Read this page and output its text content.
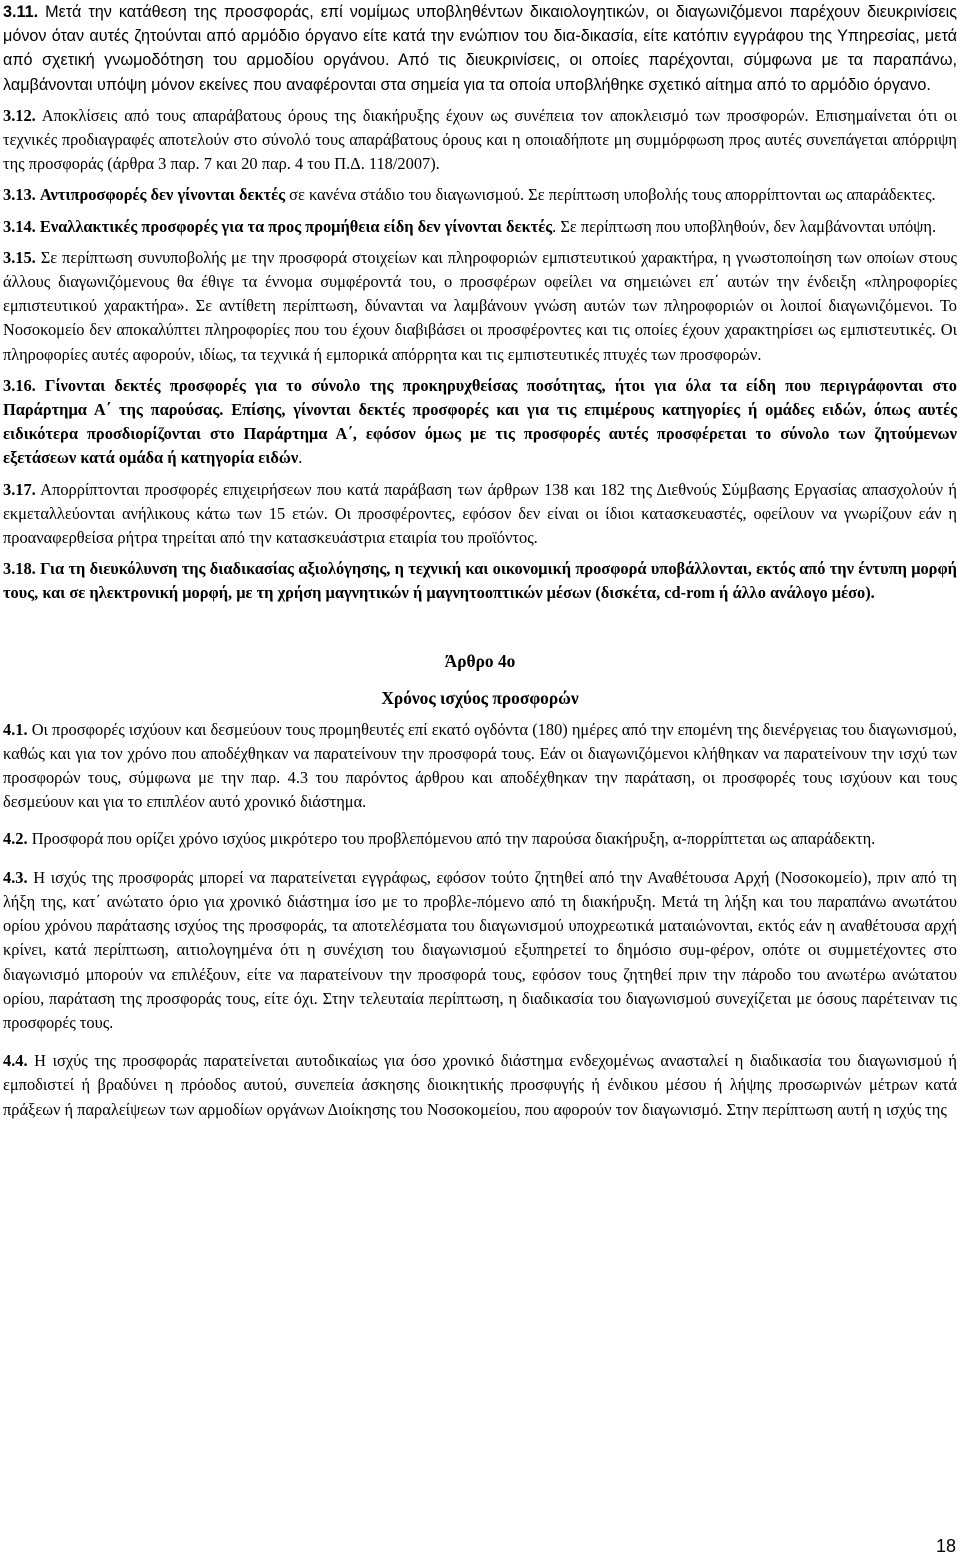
3.11. Μετά την κατάθεση της προσφοράς, επί νομίμως υποβληθέντων δικαιολογητικών, οι διαγωνιζόμενοι παρέχουν διευκρινίσεις μόνον όταν αυτές ζητούνται από αρμόδιο όργανο είτε κατά την ενώπιον του δια-δικασία, είτε κατόπιν εγγράφου της Υπηρεσίας, μετά από σχετική γνωμοδότηση του αρμοδίου οργάνου. Από τις διευκρινίσεις, οι οποίες παρέχονται, σύμφωνα με τα παραπάνω, λαμβάνονται υπόψη μόνον εκείνες που αναφέρονται στα σημεία για τα οποία υποβλήθηκε σχετικό αίτημα από το αρμόδιο όργανο.

3.12. Αποκλίσεις από τους απαράβατους όρους της διακήρυξης έχουν ως συνέπεια τον αποκλεισμό των προσφορών. Επισημαίνεται ότι οι τεχνικές προδιαγραφές αποτελούν στο σύνολό τους απαράβατους όρους και η οποιαδήποτε μη συμμόρφωση προς αυτές συνεπάγεται απόρριψη της προσφοράς (άρθρα 3 παρ. 7 και 20 παρ. 4 του Π.Δ. 118/2007).

3.13. Αντιπροσφορές δεν γίνονται δεκτές σε κανένα στάδιο του διαγωνισμού. Σε περίπτωση υποβολής τους απορρίπτονται ως απαράδεκτες.

3.14. Εναλλακτικές προσφορές για τα προς προμήθεια είδη δεν γίνονται δεκτές. Σε περίπτωση που υποβληθούν, δεν λαμβάνονται υπόψη.

3.15. Σε περίπτωση συνυποβολής με την προσφορά στοιχείων και πληροφοριών εμπιστευτικού χαρακτήρα, η γνωστοποίηση των οποίων στους άλλους διαγωνιζόμενους θα έθιγε τα έννομα συμφέροντά του, ο προσφέρων οφείλει να σημειώνει επ΄ αυτών την ένδειξη «πληροφορίες εμπιστευτικού χαρακτήρα». Σε αντίθετη περίπτωση, δύνανται να λαμβάνουν γνώση αυτών των πληροφοριών οι λοιποί διαγωνιζόμενοι. Το Νοσοκομείο δεν αποκαλύπτει πληροφορίες που του έχουν διαβιβάσει οι προσφέροντες και τις οποίες έχουν χαρακτηρίσει ως εμπιστευτικές. Οι πληροφορίες αυτές αφορούν, ιδίως, τα τεχνικά ή εμπορικά απόρρητα και τις εμπιστευτικές πτυχές των προσφορών.

3.16. Γίνονται δεκτές προσφορές για το σύνολο της προκηρυχθείσας ποσότητας, ήτοι για όλα τα είδη που περιγράφονται στο Παράρτημα Α΄ της παρούσας. Επίσης, γίνονται δεκτές προσφορές και για τις επιμέρους κατηγορίες ή ομάδες ειδών, όπως αυτές ειδικότερα προσδιορίζονται στο Παράρτημα Α΄, εφόσον όμως με τις προσφορές αυτές προσφέρεται το σύνολο των ζητούμενων εξετάσεων κατά ομάδα ή κατηγορία ειδών.

3.17. Απορρίπτονται προσφορές επιχειρήσεων που κατά παράβαση των άρθρων 138 και 182 της Διεθνούς Σύμβασης Εργασίας απασχολούν ή εκμεταλλεύονται ανήλικους κάτω των 15 ετών. Οι προσφέροντες, εφόσον δεν είναι οι ίδιοι κατασκευαστές, οφείλουν να γνωρίζουν εάν η προαναφερθείσα ρήτρα τηρείται από την κατασκευάστρια εταιρία του προϊόντος.

3.18. Για τη διευκόλυνση της διαδικασίας αξιολόγησης, η τεχνική και οικονομική προσφορά υποβάλλονται, εκτός από την έντυπη μορφή τους, και σε ηλεκτρονική μορφή, με τη χρήση μαγνητικών ή μαγνητοοπτικών μέσων (δισκέτα, cd-rom ή άλλο ανάλογο μέσο).

Άρθρο 4ο
Χρόνος ισχύος προσφορών

4.1. Οι προσφορές ισχύουν και δεσμεύουν τους προμηθευτές επί εκατό ογδόντα (180) ημέρες από την επομένη της διενέργειας του διαγωνισμού, καθώς και για τον χρόνο που αποδέχθηκαν να παρατείνουν την προσφορά τους. Εάν οι διαγωνιζόμενοι κλήθηκαν να παρατείνουν την ισχύ των προσφορών τους, σύμφωνα με την παρ. 4.3 του παρόντος άρθρου και αποδέχθηκαν την παράταση, οι προσφορές τους ισχύουν και τους δεσμεύουν και για το επιπλέον αυτό χρονικό διάστημα.

4.2. Προσφορά που ορίζει χρόνο ισχύος μικρότερο του προβλεπόμενου από την παρούσα διακήρυξη, α-πορρίπτεται ως απαράδεκτη.

4.3. Η ισχύς της προσφοράς μπορεί να παρατείνεται εγγράφως, εφόσον τούτο ζητηθεί από την Αναθέτουσα Αρχή (Νοσοκομείο), πριν από τη λήξη της, κατ΄ ανώτατο όριο για χρονικό διάστημα ίσο με το προβλε-πόμενο από τη διακήρυξη. Μετά τη λήξη και του παραπάνω ανωτάτου ορίου χρόνου παράτασης ισχύος της προσφοράς, τα αποτελέσματα του διαγωνισμού υποχρεωτικά ματαιώνονται, εκτός εάν η αναθέτουσα αρχή κρίνει, κατά περίπτωση, αιτιολογημένα ότι η συνέχιση του διαγωνισμού εξυπηρετεί το δημόσιο συμ-φέρον, οπότε οι συμμετέχοντες στο διαγωνισμό μπορούν να επιλέξουν, είτε να παρατείνουν την προσφορά τους, εφόσον τους ζητηθεί πριν την πάροδο του ανωτέρω ανώτατου ορίου, παράταση της προσφοράς τους, είτε όχι. Στην τελευταία περίπτωση, η διαδικασία του διαγωνισμού συνεχίζεται με όσους παρέτειναν τις προσφορές τους.

4.4. Η ισχύς της προσφοράς παρατείνεται αυτοδικαίως για όσο χρονικό διάστημα ενδεχομένως ανασταλεί η διαδικασία του διαγωνισμού ή εμποδιστεί ή βραδύνει η πρόοδος αυτού, συνεπεία άσκησης διοικητικής προσφυγής ή ένδικου μέσου ή λήψης προσωρινών μέτρων κατά πράξεων ή παραλείψεων των αρμοδίων οργάνων Διοίκησης του Νοσοκομείου, που αφορούν τον διαγωνισμό. Στην περίπτωση αυτή η ισχύς της

18
